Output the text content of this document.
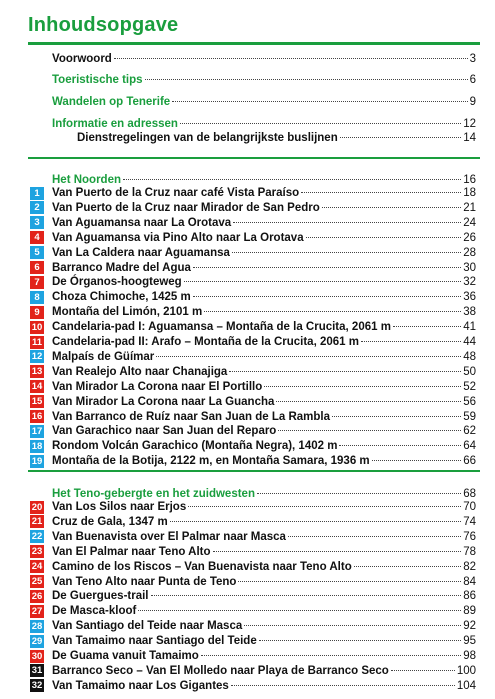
Inhoudsopgave
Voorwoord	3
Toeristische tips	6
Wandelen op Tenerife	9
Informatie en adressen	12
Dienstregelingen van de belangrijkste buslijnen	14
Het Noorden	16
1	Van Puerto de la Cruz naar café Vista Paraíso	18
2	Van Puerto de la Cruz naar Mirador de San Pedro	21
3	Van Aguamansa naar La Orotava	24
4	Van Aguamansa via Pino Alto naar La Orotava	26
5	Van La Caldera naar Aguamansa	28
6	Barranco Madre del Agua	30
7	De Órganos-hoogteweg	32
8	Choza Chimoche, 1425 m	36
9	Montaña del Limón, 2101 m	38
10 Candelaria-pad I: Aguamansa – Montaña de la Crucita, 2061 m	41
11 Candelaria-pad II: Arafo – Montaña de la Crucita, 2061 m	44
12 Malpaís de Güímar	48
13 Van Realejo Alto naar Chanajiga	50
14 Van Mirador La Corona naar El Portillo	52
15 Van Mirador La Corona naar La Guancha	56
16 Van Barranco de Ruíz naar San Juan de La Rambla	59
17 Van Garachico naar San Juan del Reparo	62
18 Rondom Volcán Garachico (Montaña Negra), 1402 m	64
19 Montaña de la Botija, 2122 m, en Montaña Samara, 1936 m	66
Het Teno-gebergte en het zuidwesten	68
20 Van Los Silos naar Erjos	70
21 Cruz de Gala, 1347 m	74
22 Van Buenavista over El Palmar naar Masca	76
23 Van El Palmar naar Teno Alto	78
24 Camino de los Riscos – Van Buenavista naar Teno Alto	82
25 Van Teno Alto naar Punta de Teno	84
26 De Guergues-trail	86
27 De Masca-kloof	89
28 Van Santiago del Teide naar Masca	92
29 Van Tamaimo naar Santiago del Teide	95
30 De Guama vanuit Tamaimo	98
31 Barranco Seco – Van El Molledo naar Playa de Barranco Seco	100
32 Van Tamaimo naar Los Gigantes	104
